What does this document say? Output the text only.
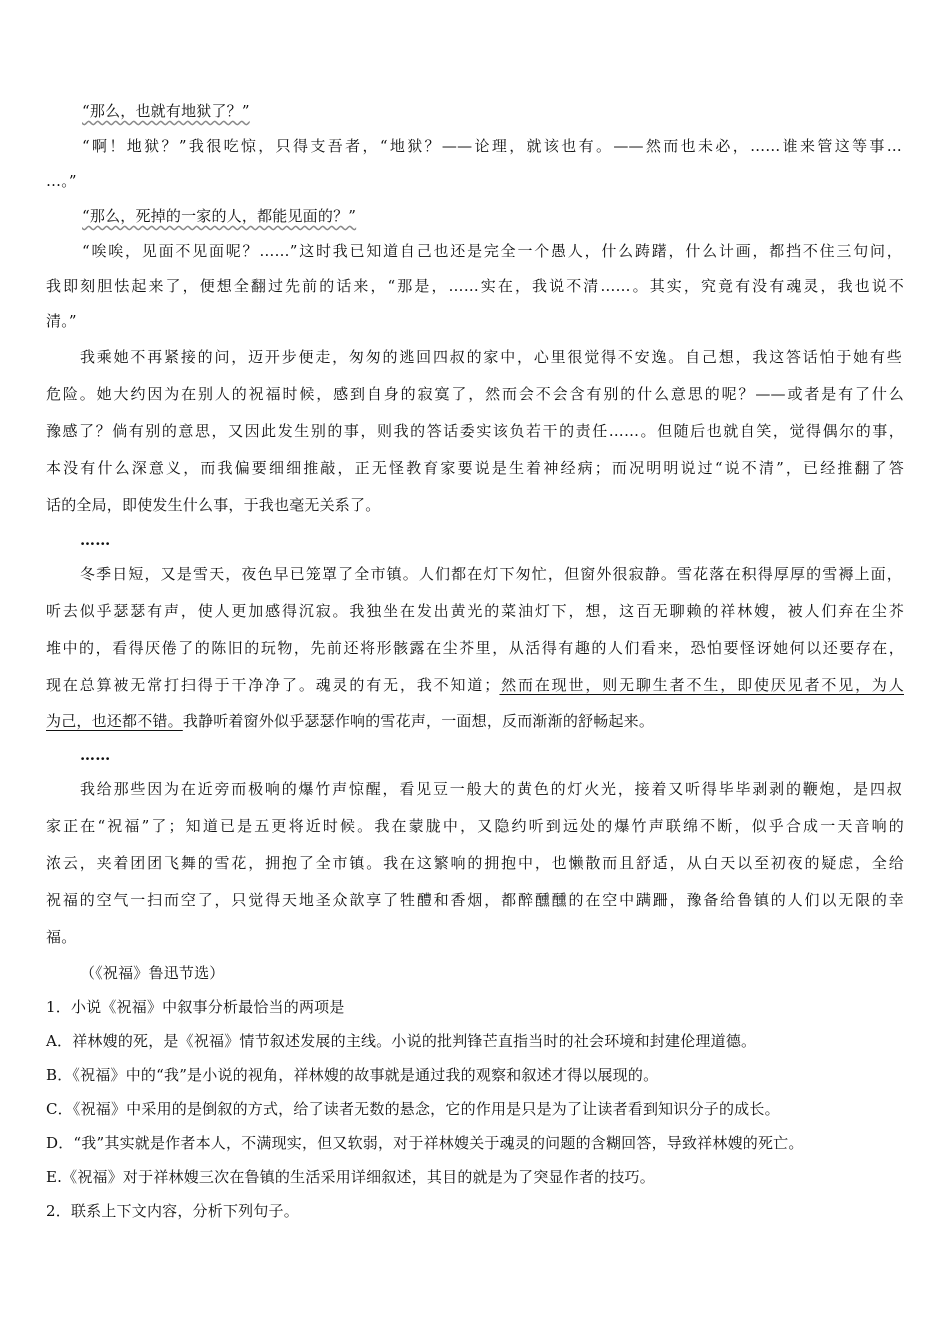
“那么，也就有地狱了？”
“啊！地狱？”我很吃惊，只得支吾者，“地狱？——论理，就该也有。——然而也未必，……谁来管这等事…
…。”
“那么，死掉的一家的人，都能见面的？”
“唉唉，见面不见面呢？……”这时我已知道自己也还是完全一个愚人，什么踌躇，什么计画，都挡不住三句问，
我即刻胆怯起来了，便想全翻过先前的话来，“那是，……实在，我说不清……。其实，究竟有没有魂灵，我也说不
清。”
我乘她不再紧接的问，迈开步便走，匆匆的逃回四叔的家中，心里很觉得不安逸。自己想，我这答话怕于她有些
危险。她大约因为在别人的祝福时候，感到自身的寂寞了，然而会不会含有别的什么意思的呢？——或者是有了什么
豫感了？倘有别的意思，又因此发生别的事，则我的答话委实该负若干的责任……。但随后也就自笑，觉得偶尔的事，
本没有什么深意义，而我偏要细细推敲，正无怪教育家要说是生着神经病；而况明明说过“说不清”，已经推翻了答
话的全局，即使发生什么事，于我也毫无关系了。
……
冬季日短，又是雪天，夜色早已笼罩了全市镇。人们都在灯下匆忙，但窗外很寂静。雪花落在积得厚厚的雪褥上面，
听去似乎瑟瑟有声，使人更加感得沉寂。我独坐在发出黄光的菜油灯下，想，这百无聊赖的祥林嫂，被人们弃在尘芥
堆中的，看得厌倦了的陈旧的玩物，先前还将形骸露在尘芥里，从活得有趣的人们看来，恐怕要怪讶她何以还要存在，
现在总算被无常打扫得于干净净了。魂灵的有无，我不知道；然而在现世，则无聊生者不生，即使厌见者不见，为人
为己，也还都不错。我静听着窗外似乎瑟瑟作响的雪花声，一面想，反而渐渐的舒畅起来。
……
我给那些因为在近旁而极响的爆竹声惊醒，看见豆一般大的黄色的灯火光，接着又听得毕毕剥剥的鞭炮，是四叔
家正在“祝福”了；知道已是五更将近时候。我在蒙胧中，又隐约听到远处的爆竹声联绵不断，似乎合成一天音响的
浓云，夹着团团飞舞的雪花，拥抱了全市镇。我在这繁响的拥抱中，也懒散而且舒适，从白天以至初夜的疑虑，全给
祝福的空气一扫而空了，只觉得天地圣众歆享了牲醴和香烟，都醉醺醺的在空中蹒跚，豫备给鲁镇的人们以无限的幸
福。
（《祝福》鲁迅节选）
1．小说《祝福》中叙事分析最恰当的两项是
A．祥林嫂的死，是《祝福》情节叙述发展的主线。小说的批判锋芒直指当时的社会环境和封建伦理道德。
B．《祝福》中的“我”是小说的视角，祥林嫂的故事就是通过我的观察和叙述才得以展现的。
C．《祝福》中采用的是倒叙的方式，给了读者无数的悬念，它的作用是只是为了让读者看到知识分子的成长。
D．“我”其实就是作者本人，不满现实，但又软弱，对于祥林嫂关于魂灵的问题的含糊回答，导致祥林嫂的死亡。
E.《祝福》对于祥林嫂三次在鲁镇的生活采用详细叙述，其目的就是为了突显作者的技巧。
2．联系上下文内容，分析下列句子。
